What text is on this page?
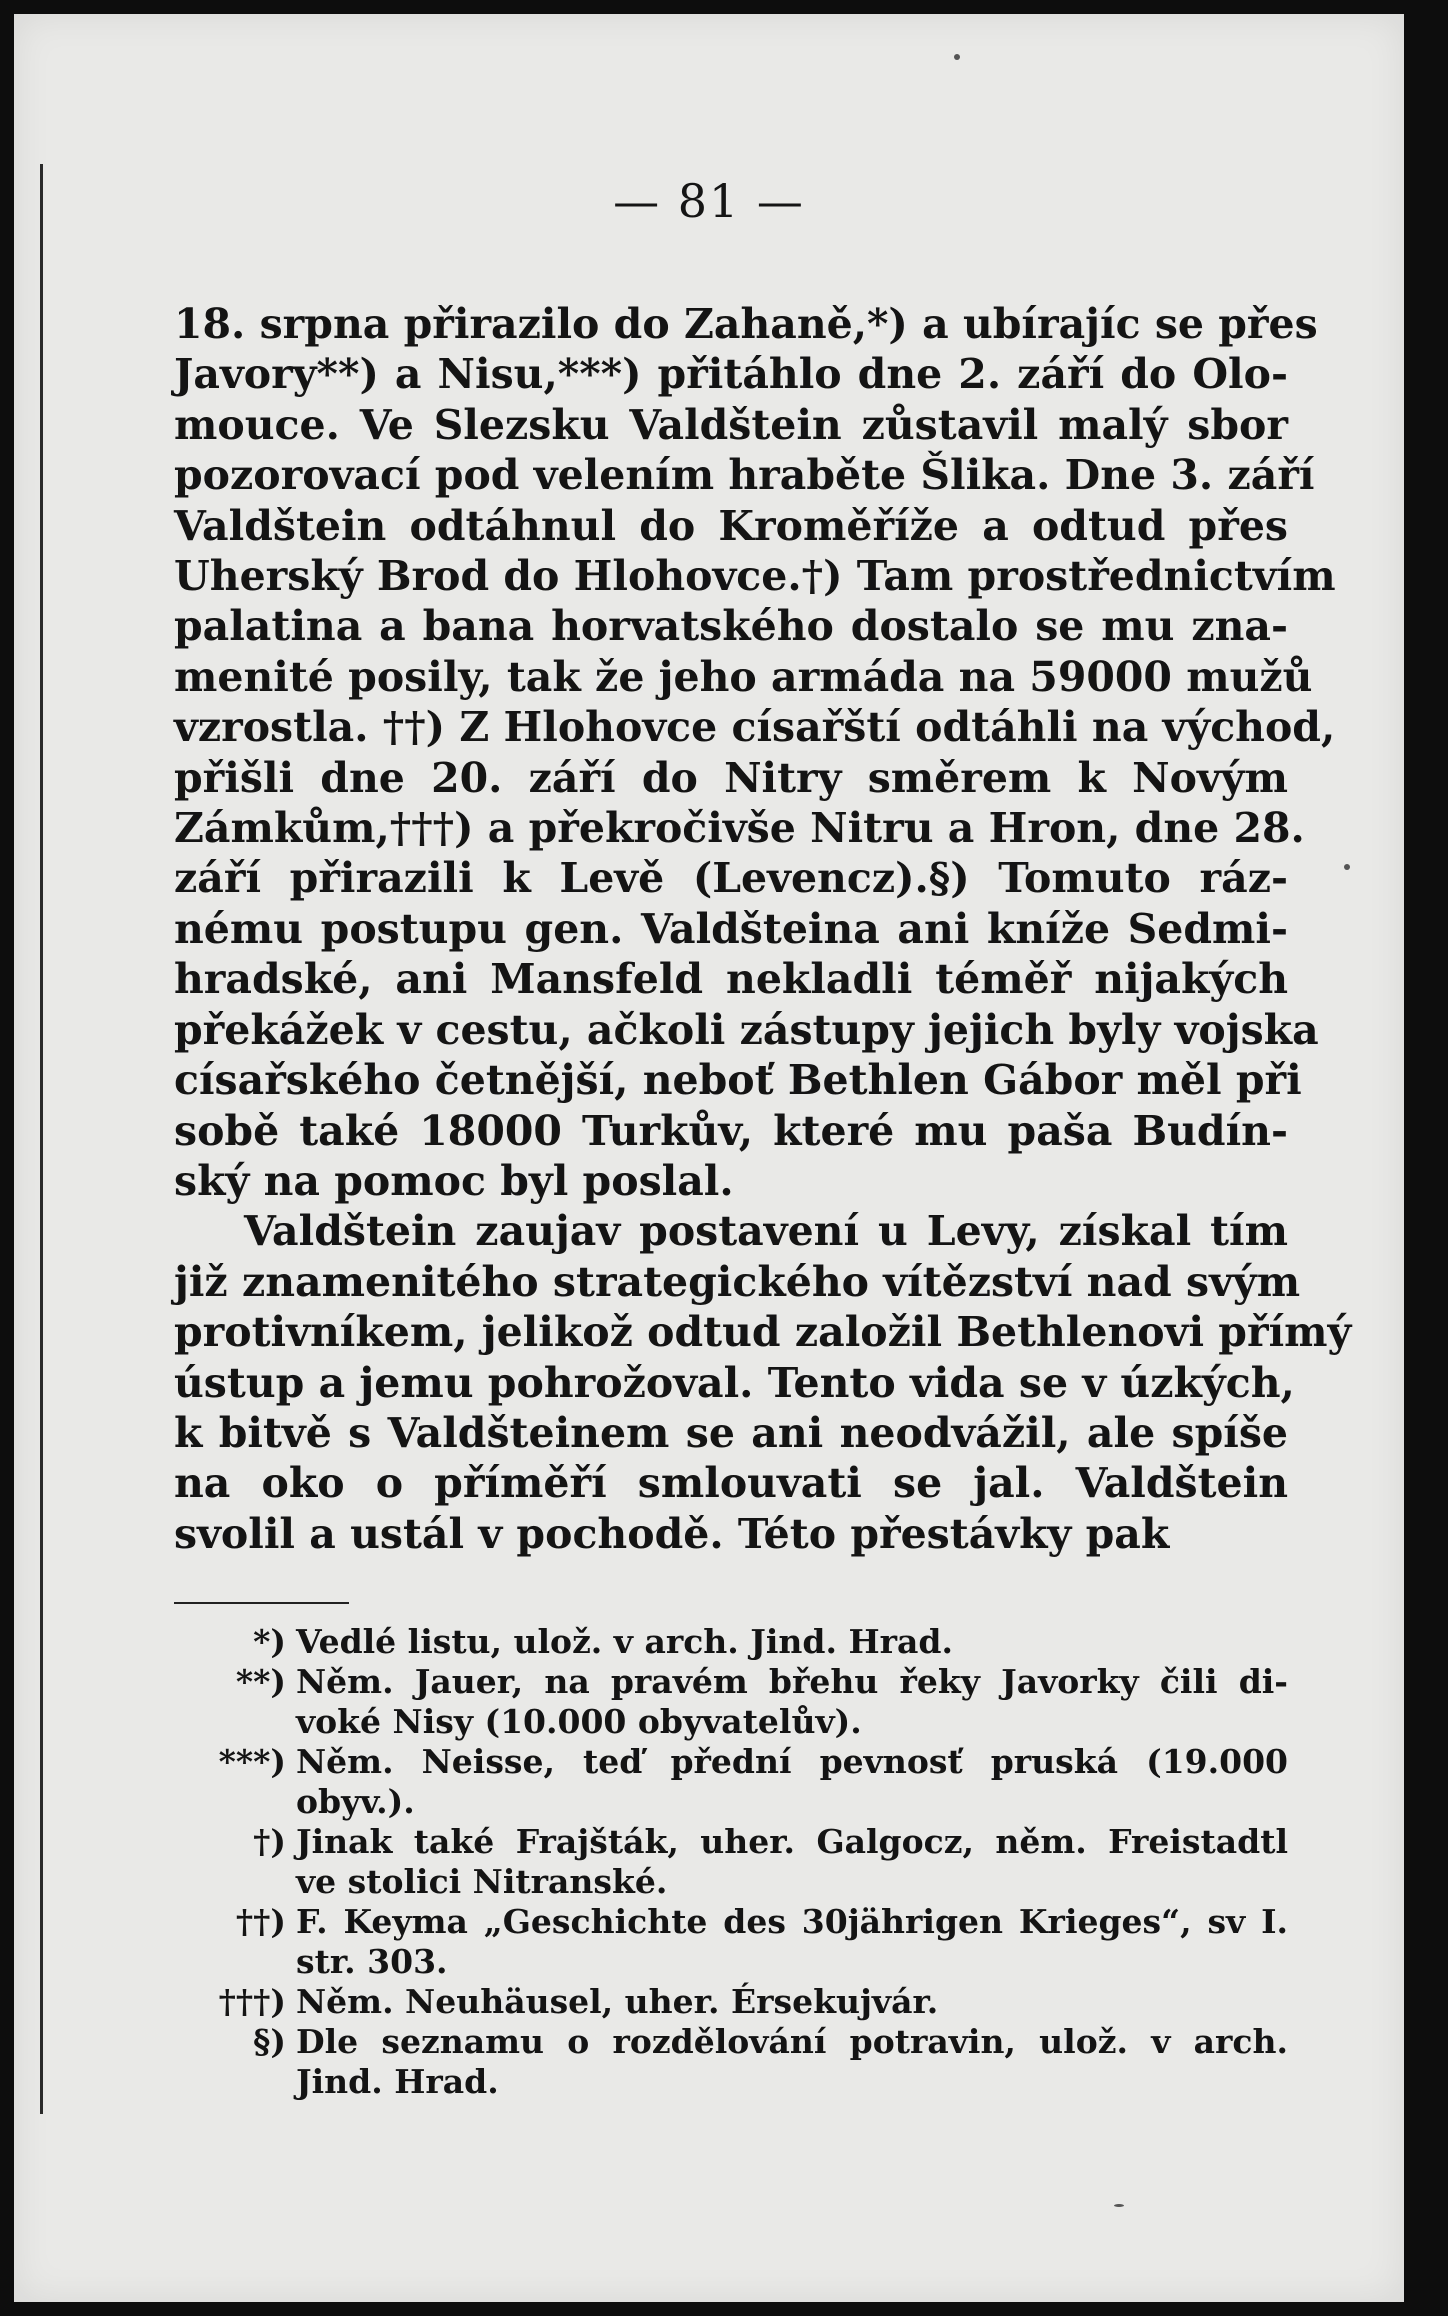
— 81 —

18. srpna přirazilo do Zahaně,*) a ubírajíc se přes
Javory**) a Nisu,***) přitáhlo dne 2. září do Olo-
mouce. Ve Slezsku Valdštein zůstavil malý sbor
pozorovací pod velením hraběte Šlika. Dne 3. září
Valdštein odtáhnul do Kroměříže a odtud přes
Uherský Brod do Hlohovce.†) Tam prostřednictvím
palatina a bana horvatského dostalo se mu zna-
menité posily, tak že jeho armáda na 59000 mužů
vzrostla. ††) Z Hlohovce císařští odtáhli na východ,
přišli dne 20. září do Nitry směrem k Novým
Zámkům,†††) a překročivše Nitru a Hron, dne 28.
září přirazili k Levě (Levencz).§) Tomuto ráz-
nému postupu gen. Valdšteina ani kníže Sedmi-
hradské, ani Mansfeld nekladli téměř nijakých
překážek v cestu, ačkoli zástupy jejich byly vojska
císařského četnější, neboť Bethlen Gábor měl při
sobě také 18000 Turkův, které mu paša Budín-
ský na pomoc byl poslal.

Valdštein zaujav postavení u Levy, získal tím
již znamenitého strategického vítězství nad svým
protivníkem, jelikož odtud založil Bethlenovi přímý
ústup a jemu pohrožoval. Tento vida se v úzkých,
k bitvě s Valdšteinem se ani neodvážil, ale spíše
na oko o příměří smlouvati se jal. Valdštein
svolil a ustál v pochodě. Této přestávky pak

*) Vedlé listu, ulož. v arch. Jind. Hrad.
**) Něm. Jauer, na pravém břehu řeky Javorky čili di-
voké Nisy (10.000 obyvatelův).
***) Něm. Neisse, teď přední pevnosť pruská (19.000
obyv.).
†) Jinak také Frajšták, uher. Galgocz, něm. Freistadtl
ve stolici Nitranské.
††) F. Keyma „Geschichte des 30jährigen Krieges“, sv I.
str. 303.
†††) Něm. Neuhäusel, uher. Érsekujvár.
§) Dle seznamu o rozdělování potravin, ulož. v arch.
Jind. Hrad.
